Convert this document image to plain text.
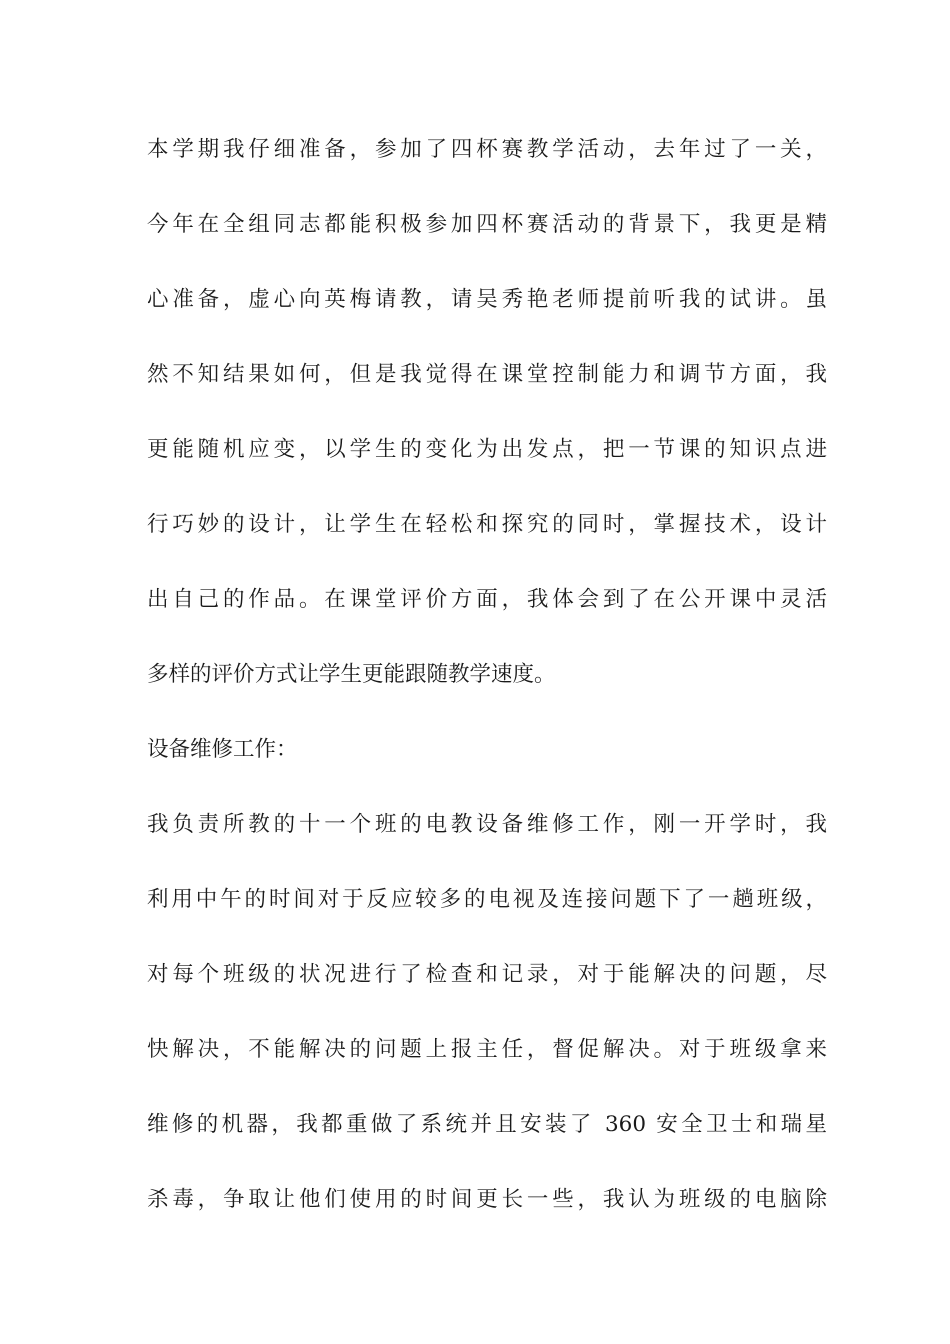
本学期我仔细准备，参加了四杯赛教学活动，去年过了一关，
今年在全组同志都能积极参加四杯赛活动的背景下，我更是精
心准备，虚心向英梅请教，请吴秀艳老师提前听我的试讲。虽
然不知结果如何，但是我觉得在课堂控制能力和调节方面，我
更能随机应变，以学生的变化为出发点，把一节课的知识点进
行巧妙的设计，让学生在轻松和探究的同时，掌握技术，设计
出自己的作品。在课堂评价方面，我体会到了在公开课中灵活
多样的评价方式让学生更能跟随教学速度。
设备维修工作：
我负责所教的十一个班的电教设备维修工作，刚一开学时，我
利用中午的时间对于反应较多的电视及连接问题下了一趟班级，
对每个班级的状况进行了检查和记录，对于能解决的问题，尽
快解决，不能解决的问题上报主任，督促解决。对于班级拿来
维修的机器，我都重做了系统并且安装了 360 安全卫士和瑞星
杀毒，争取让他们使用的时间更长一些，我认为班级的电脑除
